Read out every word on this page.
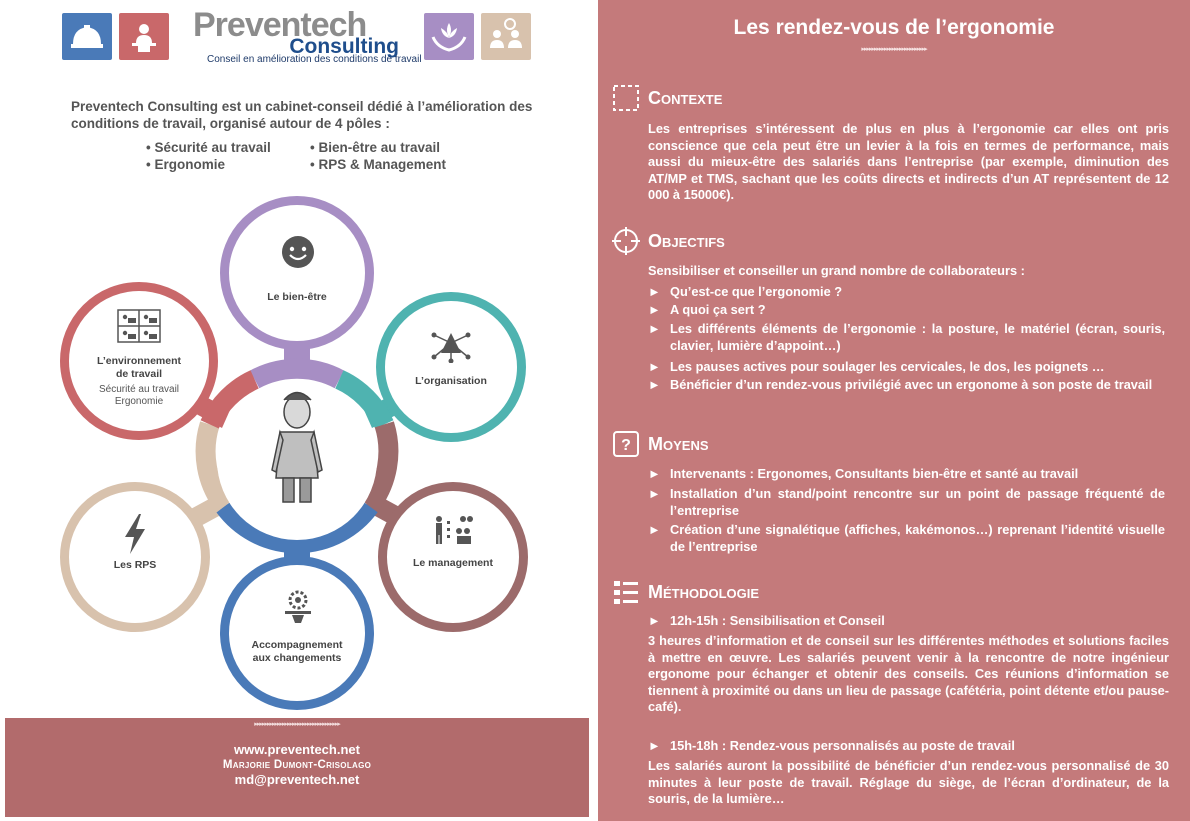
Preventech
Consulting
Conseil en amélioration des conditions de travail
Preventech Consulting est un cabinet-conseil dédié à l’amélioration des conditions de travail, organisé autour de 4 pôles :
• Sécurité au travail	• Bien-être au travail
• Ergonomie	• RPS & Management
Le bien-être
L’organisation
Le management
Accompagnement
aux changements
Les RPS
L’environnement
de travail
Sécurité au travail
Ergonomie
▸▸▸▸▸▸▸▸▸▸▸▸▸▸▸▸▸▸▸▸▸▸▸▸▸▸▸▸▸▸▸▸▸▸
www.preventech.net
Marjorie Dumont-Crisolago
md@preventech.net
Les rendez-vous de l’ergonomie
▸▸▸▸▸▸▸▸▸▸▸▸▸▸▸▸▸▸▸▸▸▸▸▸▸▸
Contexte
Les entreprises s’intéressent de plus en plus à l’ergonomie car elles ont pris conscience que cela peut être un levier à la fois en termes de performance, mais aussi du mieux-être des salariés dans l’entreprise (par exemple, diminution des AT/MP et TMS, sachant que les coûts directs et indirects d’un AT représentent de 12 000 à 15000€).
Objectifs
Sensibiliser et conseiller un grand nombre de collaborateurs :
► Qu’est-ce que l’ergonomie ?
► A quoi ça sert ?
► Les différents éléments de l’ergonomie : la posture, le matériel (écran, souris, clavier, lumière d’appoint…)
► Les pauses actives pour soulager les cervicales, le dos, les poignets …
► Bénéficier d’un rendez-vous privilégié avec un ergonome à son poste de travail
? Moyens
► Intervenants : Ergonomes, Consultants bien-être et santé au travail
► Installation d’un stand/point rencontre sur un point de passage fréquenté de l’entreprise
► Création d’une signalétique (affiches, kakémonos…) reprenant l’identité visuelle de l’entreprise
Méthodologie
► 12h-15h : Sensibilisation et Conseil
3 heures d’information et de conseil sur les différentes méthodes et solutions faciles à mettre en œuvre. Les salariés peuvent venir à la rencontre de notre ingénieur ergonome pour échanger et obtenir des conseils. Ces réunions d’information se tiennent à proximité ou dans un lieu de passage (cafétéria, point détente et/ou pause-café).
► 15h-18h : Rendez-vous personnalisés au poste de travail
Les salariés auront la possibilité de bénéficier d’un rendez-vous personnalisé de 30 minutes à leur poste de travail. Réglage du siège, de l’écran d’ordinateur, de la souris, de la lumière…
